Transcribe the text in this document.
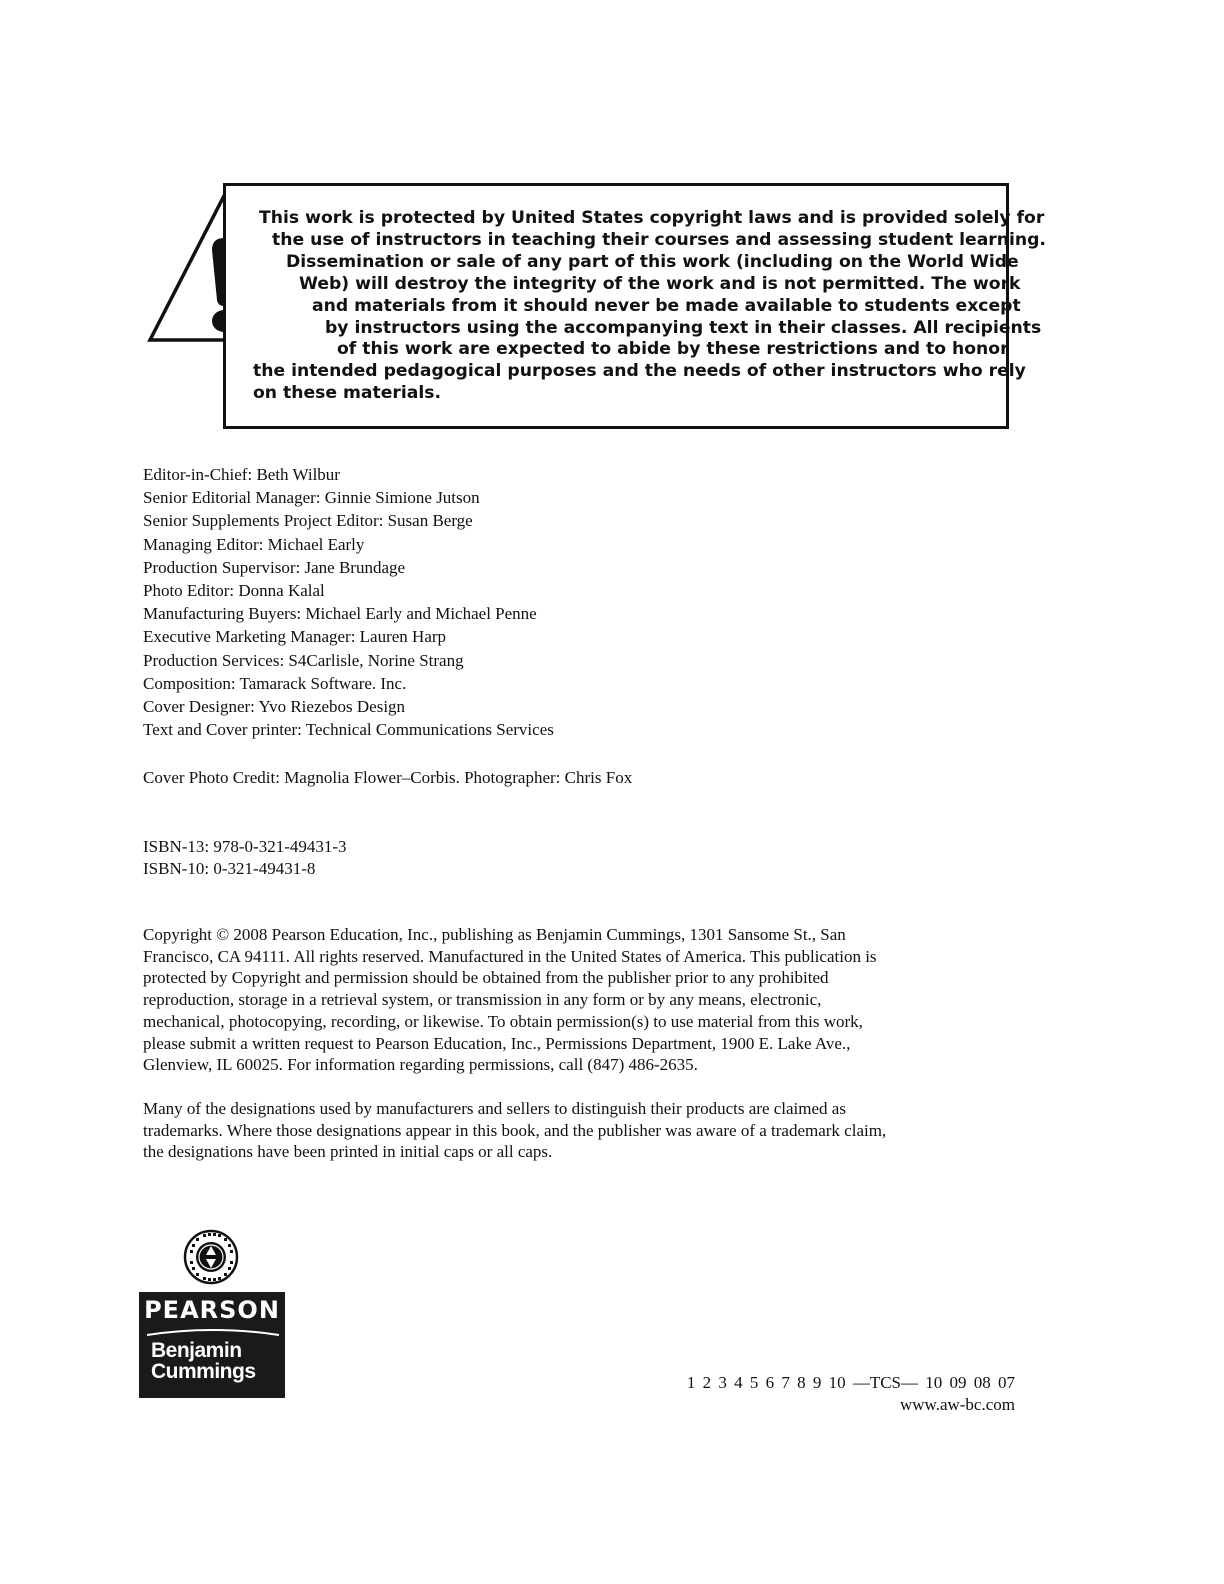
This work is protected by United States copyright laws and is provided solely for
the use of instructors in teaching their courses and assessing student learning.
Dissemination or sale of any part of this work (including on the World Wide
Web) will destroy the integrity of the work and is not permitted. The work
and materials from it should never be made available to students except
by instructors using the accompanying text in their classes. All recipients
of this work are expected to abide by these restrictions and to honor
the intended pedagogical purposes and the needs of other instructors who rely
on these materials.
Editor-in-Chief: Beth Wilbur
Senior Editorial Manager: Ginnie Simione Jutson
Senior Supplements Project Editor: Susan Berge
Managing Editor: Michael Early
Production Supervisor: Jane Brundage
Photo Editor: Donna Kalal
Manufacturing Buyers: Michael Early and Michael Penne
Executive Marketing Manager: Lauren Harp
Production Services: S4Carlisle, Norine Strang
Composition: Tamarack Software. Inc.
Cover Designer: Yvo Riezebos Design
Text and Cover printer: Technical Communications Services
Cover Photo Credit: Magnolia Flower–Corbis. Photographer: Chris Fox
ISBN-13: 978-0-321-49431-3
ISBN-10: 0-321-49431-8
Copyright © 2008 Pearson Education, Inc., publishing as Benjamin Cummings, 1301 Sansome St., San
Francisco, CA 94111. All rights reserved. Manufactured in the United States of America. This publication is
protected by Copyright and permission should be obtained from the publisher prior to any prohibited
reproduction, storage in a retrieval system, or transmission in any form or by any means, electronic,
mechanical, photocopying, recording, or likewise. To obtain permission(s) to use material from this work,
please submit a written request to Pearson Education, Inc., Permissions Department, 1900 E. Lake Ave.,
Glenview, IL 60025. For information regarding permissions, call (847) 486-2635.
Many of the designations used by manufacturers and sellers to distinguish their products are claimed as
trademarks. Where those designations appear in this book, and the publisher was aware of a trademark claim,
the designations have been printed in initial caps or all caps.
PEARSON
Benjamin
Cummings	1 2 3 4 5 6 7 8 9 10 —TCS— 10 09 08 07
www.aw-bc.com
